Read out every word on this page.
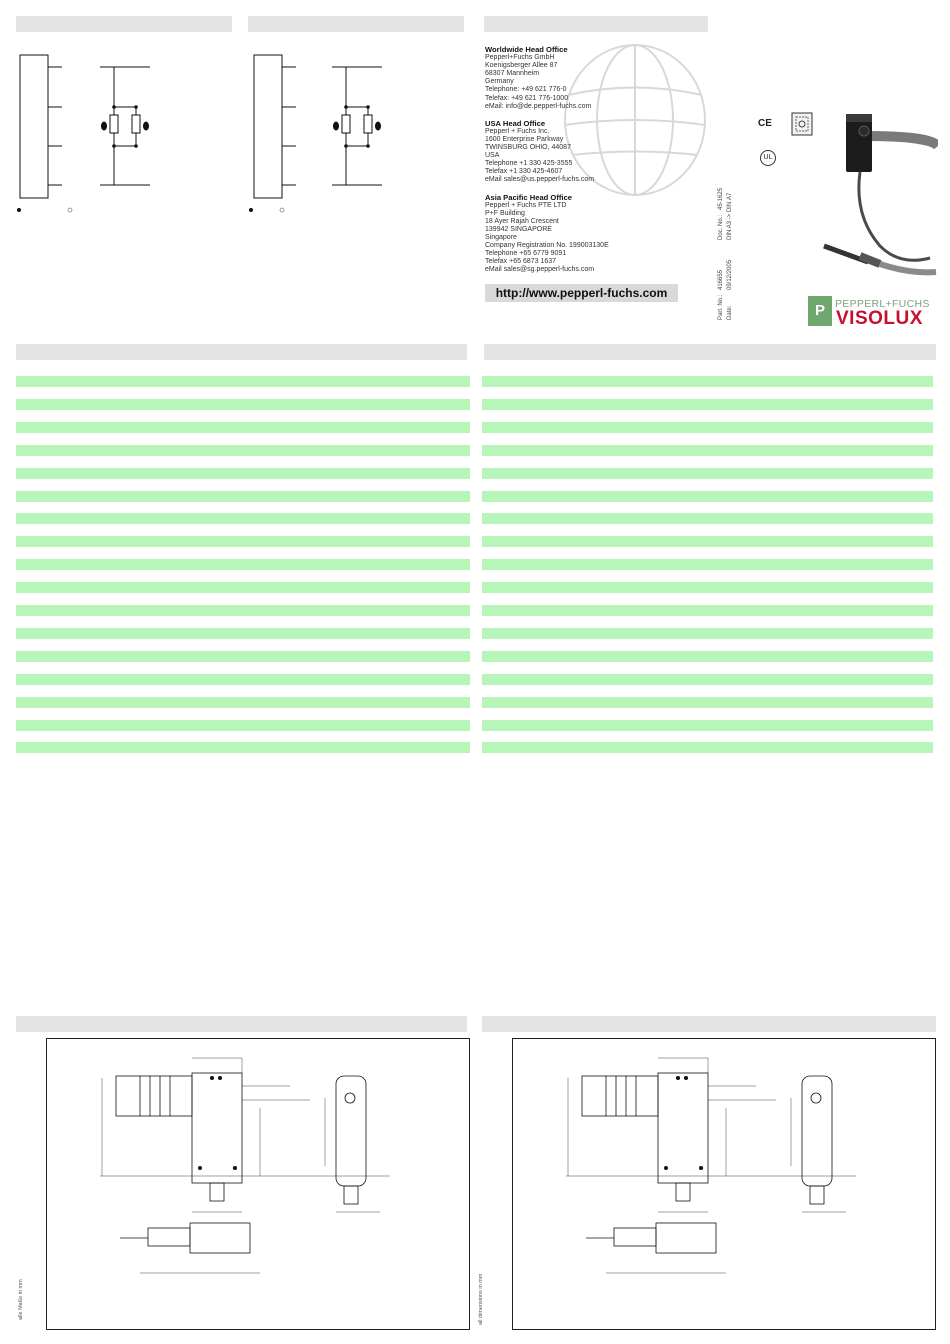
Worldwide Head Office
Pepperl+Fuchs GmbH
Koenigsberger Allee 87
68307 Mannheim
Germany
Telephone: +49 621 776-0
Telefax: +49 621 776-1000
eMail: info@de.pepperl-fuchs.com
USA Head Office
Pepperl + Fuchs Inc.
1600 Enterprise Parkway
TWINSBURG OHIO, 44087
USA
Telephone +1 330 425-3555
Telefax +1 330 425-4607
eMail sales@us.pepperl-fuchs.com
Asia Pacific Head Office
Pepperl + Fuchs PTE LTD
P+F Building
18 Ayer Rajah Crescent
139942 SINGAPORE
Singapore
Company Registration No. 199003130E
Telephone +65 6779 9091
Telefax +65 6873 1637
eMail sales@sg.pepperl-fuchs.com
http://www.pepperl-fuchs.com
Part. No.:
416655
Date:
09/12/2005
Doc. No.:
45-1625
DIN A3 -> DIN
A7
CE
UL
P PEPPERL+FUCHS
VISOLUX
alle Maße in mm	all dimensions in mm
